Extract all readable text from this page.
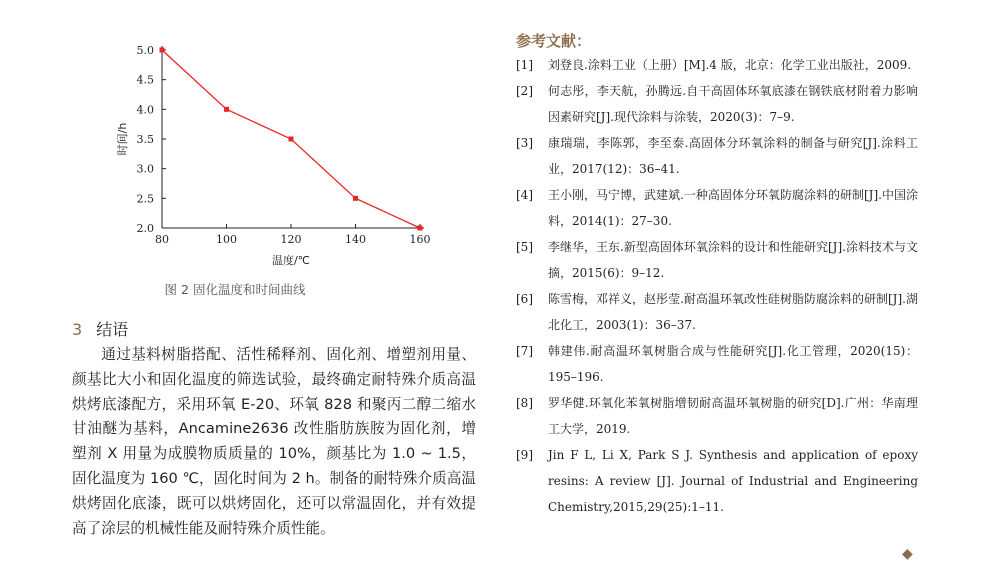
2.0
2.5
3.0
3.5
4.0
4.5
5.0
80	100	120	140	160
温度/℃
时间/h
图 2 固化温度和时间曲线
3 结语

通过基料树脂搭配、活性稀释剂、固化剂、增塑剂用量、颜基比大小和固化温度的筛选试验，最终确定耐特殊介质高温烘烤底漆配方，采用环氧 E-20、环氧 828 和聚丙二醇二缩水甘油醚为基料，Ancamine2636 改性脂肪族胺为固化剂，增塑剂 X 用量为成膜物质质量的 10%，颜基比为 1.0 ~ 1.5，固化温度为 160 ℃，固化时间为 2 h。制备的耐特殊介质高温烘烤固化底漆，既可以烘烤固化，还可以常温固化，并有效提高了涂层的机械性能及耐特殊介质性能。

参考文献：

[1] 刘登良.涂料工业（上册）[M].4 版，北京：化学工业出版社，2009.

[2] 何志彤，李天航，孙腾远.自干高固体环氧底漆在钢铁底材附着力影响因素研究[J].现代涂料与涂装，2020(3)：7–9.

[3] 康瑞瑞，李陈郭，李至泰.高固体分环氧涂料的制备与研究[J].涂料工业，2017(12)：36–41.

[4] 王小刚，马宁博，武建斌.一种高固体分环氧防腐涂料的研制[J].中国涂料，2014(1)：27–30.

[5] 李继华，王东.新型高固体环氧涂料的设计和性能研究[J].涂料技术与文摘，2015(6)：9–12.

[6] 陈雪梅，邓祥义，赵彤莹.耐高温环氧改性硅树脂防腐涂料的研制[J].湖北化工，2003(1)：36–37.

[7] 韩建伟.耐高温环氧树脂合成与性能研究[J].化工管理，2020(15)：195–196.

[8] 罗华健.环氧化苯氧树脂增韧耐高温环氧树脂的研究[D].广州：华南理工大学，2019.

[9] Jin F L, Li X, Park S J. Synthesis and application of epoxy resins: A review [J]. Journal of Industrial and Engineering Chemistry,2015,29(25):1–11.

◆
